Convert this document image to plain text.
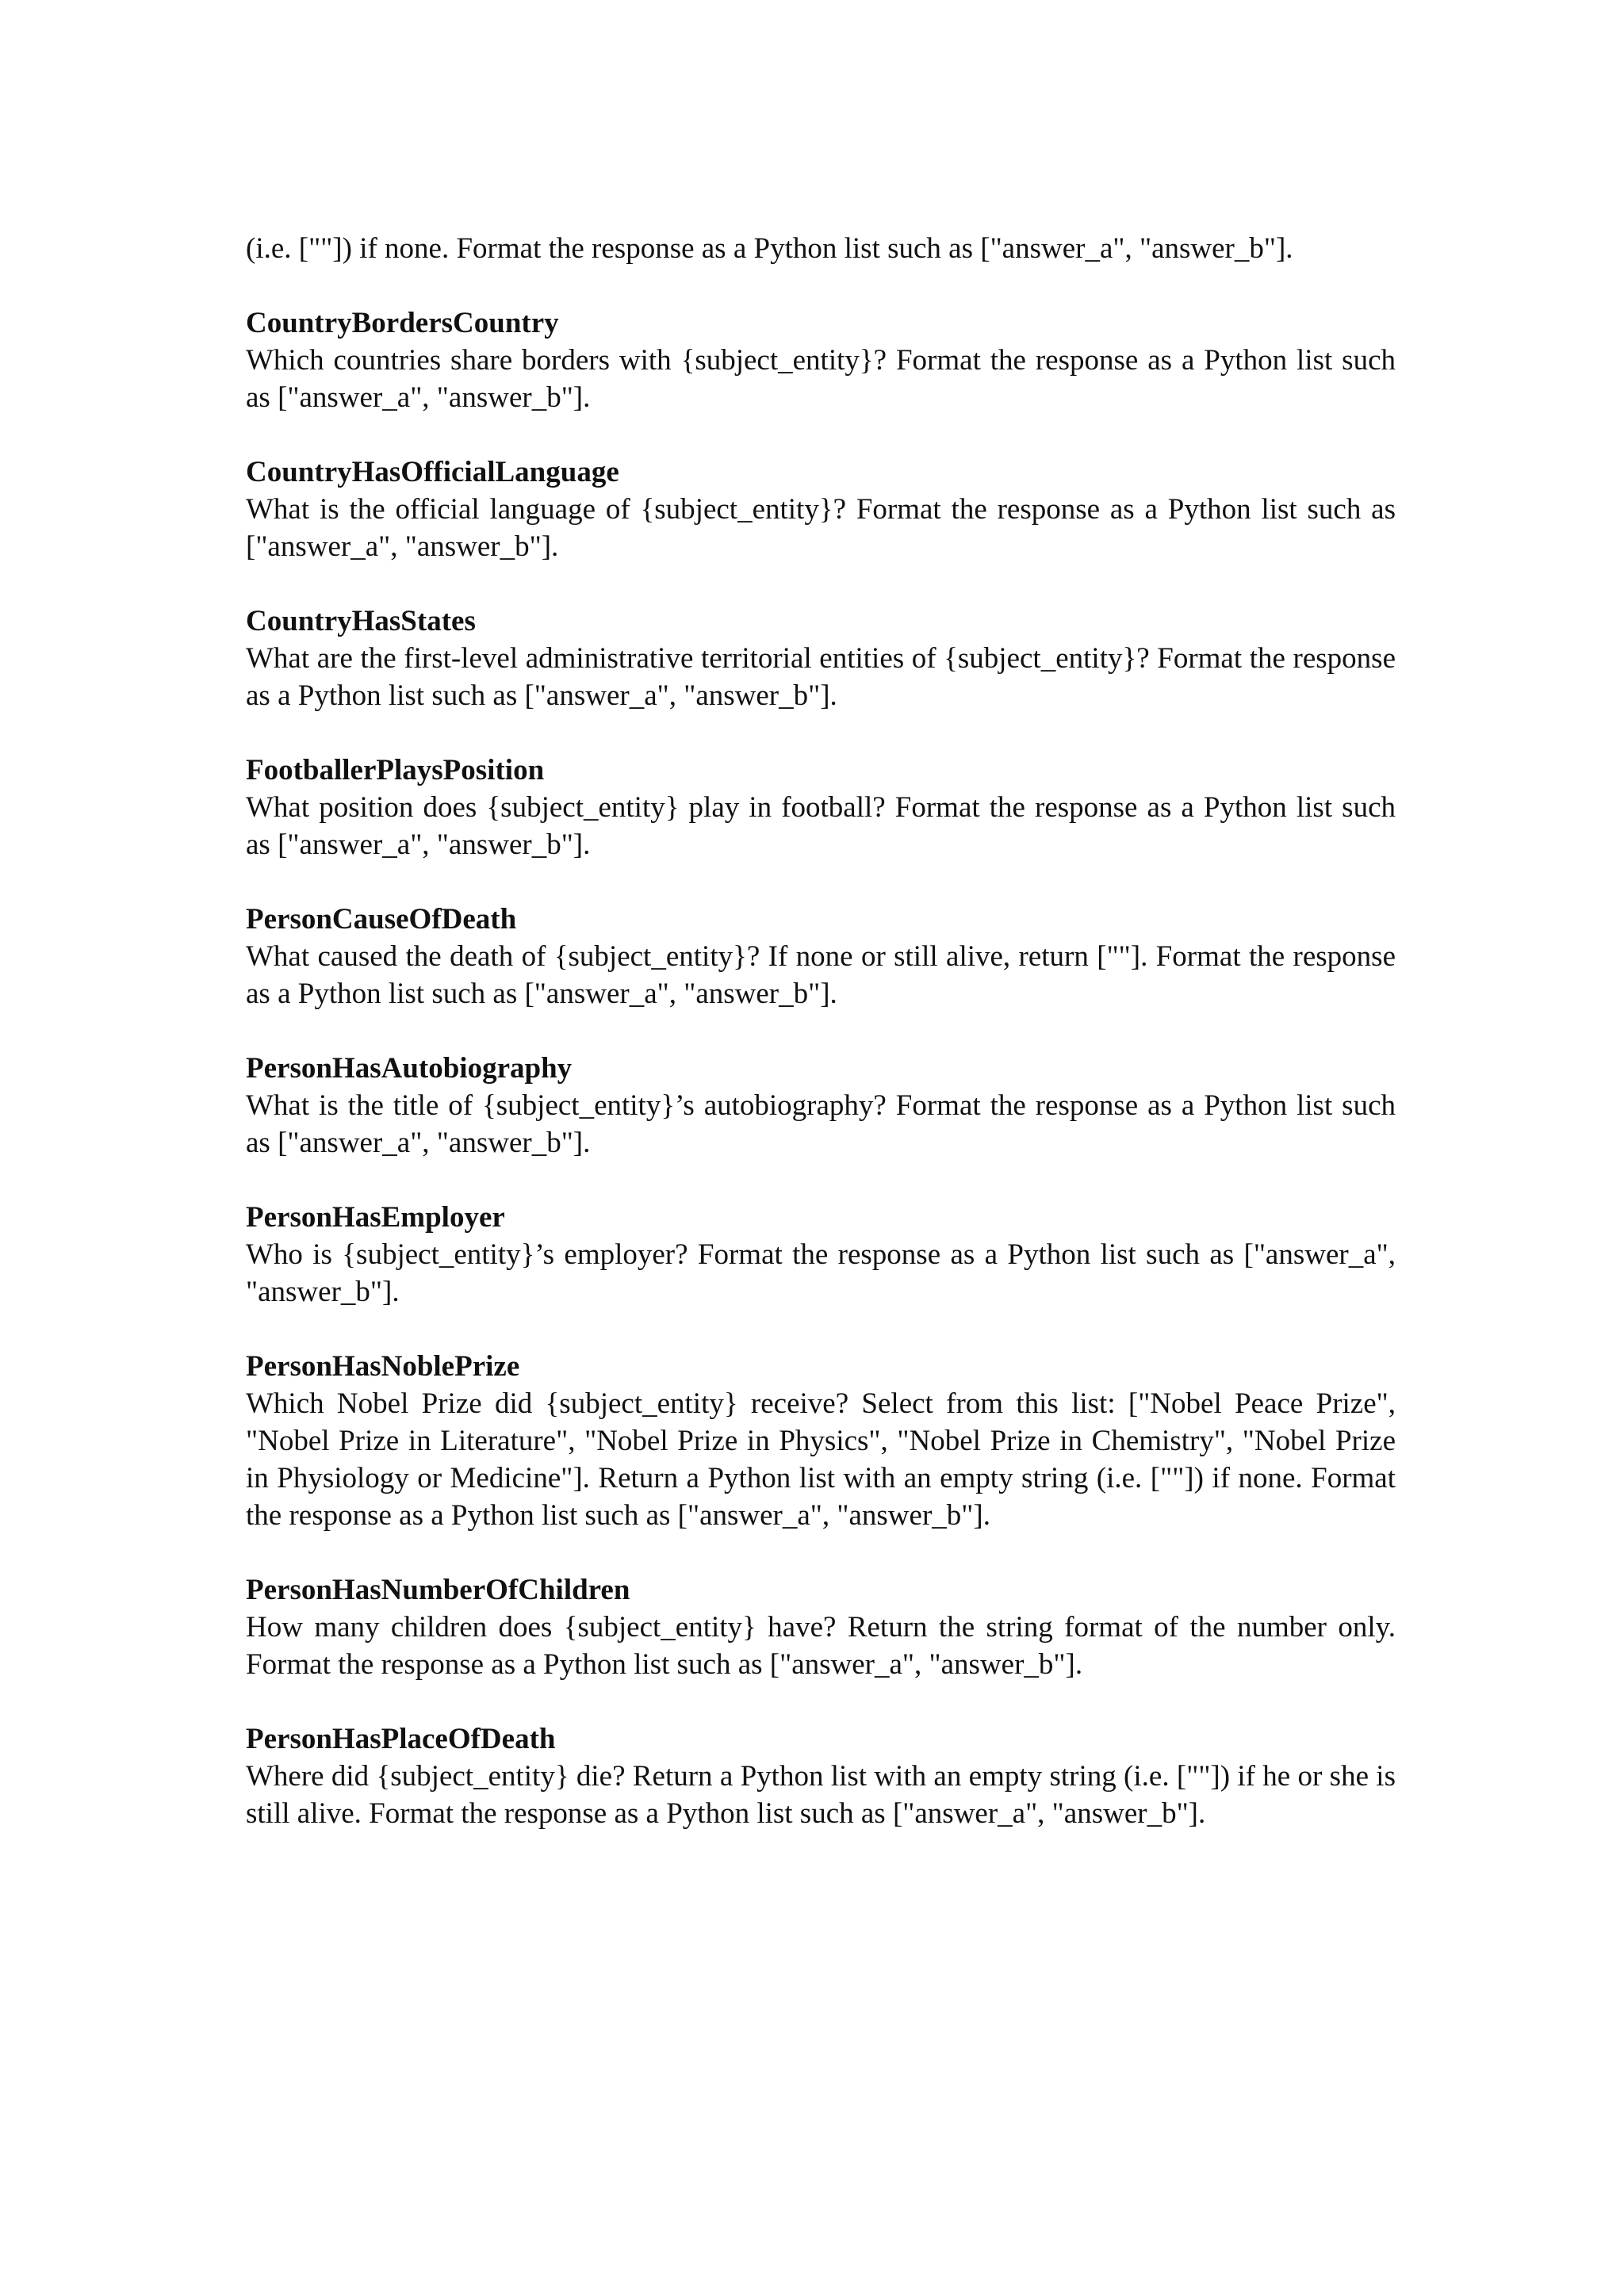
(i.e. [""]) if none. Format the response as a Python list such as ["answer_a", "answer_b"].

CountryBordersCountry

Which countries share borders with {subject_entity}? Format the response as a Python list such as ["answer_a", "answer_b"].

CountryHasOfficialLanguage

What is the official language of {subject_entity}? Format the response as a Python list such as ["answer_a", "answer_b"].

CountryHasStates

What are the first-level administrative territorial entities of {subject_entity}? Format the response as a Python list such as ["answer_a", "answer_b"].

FootballerPlaysPosition

What position does {subject_entity} play in football? Format the response as a Python list such as ["answer_a", "answer_b"].

PersonCauseOfDeath

What caused the death of {subject_entity}? If none or still alive, return [""]. Format the response as a Python list such as ["answer_a", "answer_b"].

PersonHasAutobiography

What is the title of {subject_entity}’s autobiography? Format the response as a Python list such as ["answer_a", "answer_b"].

PersonHasEmployer

Who is {subject_entity}’s employer? Format the response as a Python list such as ["answer_a", "answer_b"].

PersonHasNoblePrize

Which Nobel Prize did {subject_entity} receive? Select from this list: ["Nobel Peace Prize", "Nobel Prize in Literature", "Nobel Prize in Physics", "Nobel Prize in Chemistry", "Nobel Prize in Physiology or Medicine"]. Return a Python list with an empty string (i.e. [""]) if none. Format the response as a Python list such as ["answer_a", "answer_b"].

PersonHasNumberOfChildren

How many children does {subject_entity} have? Return the string format of the number only. Format the response as a Python list such as ["answer_a", "answer_b"].

PersonHasPlaceOfDeath

Where did {subject_entity} die? Return a Python list with an empty string (i.e. [""]) if he or she is still alive. Format the response as a Python list such as ["answer_a", "answer_b"].
